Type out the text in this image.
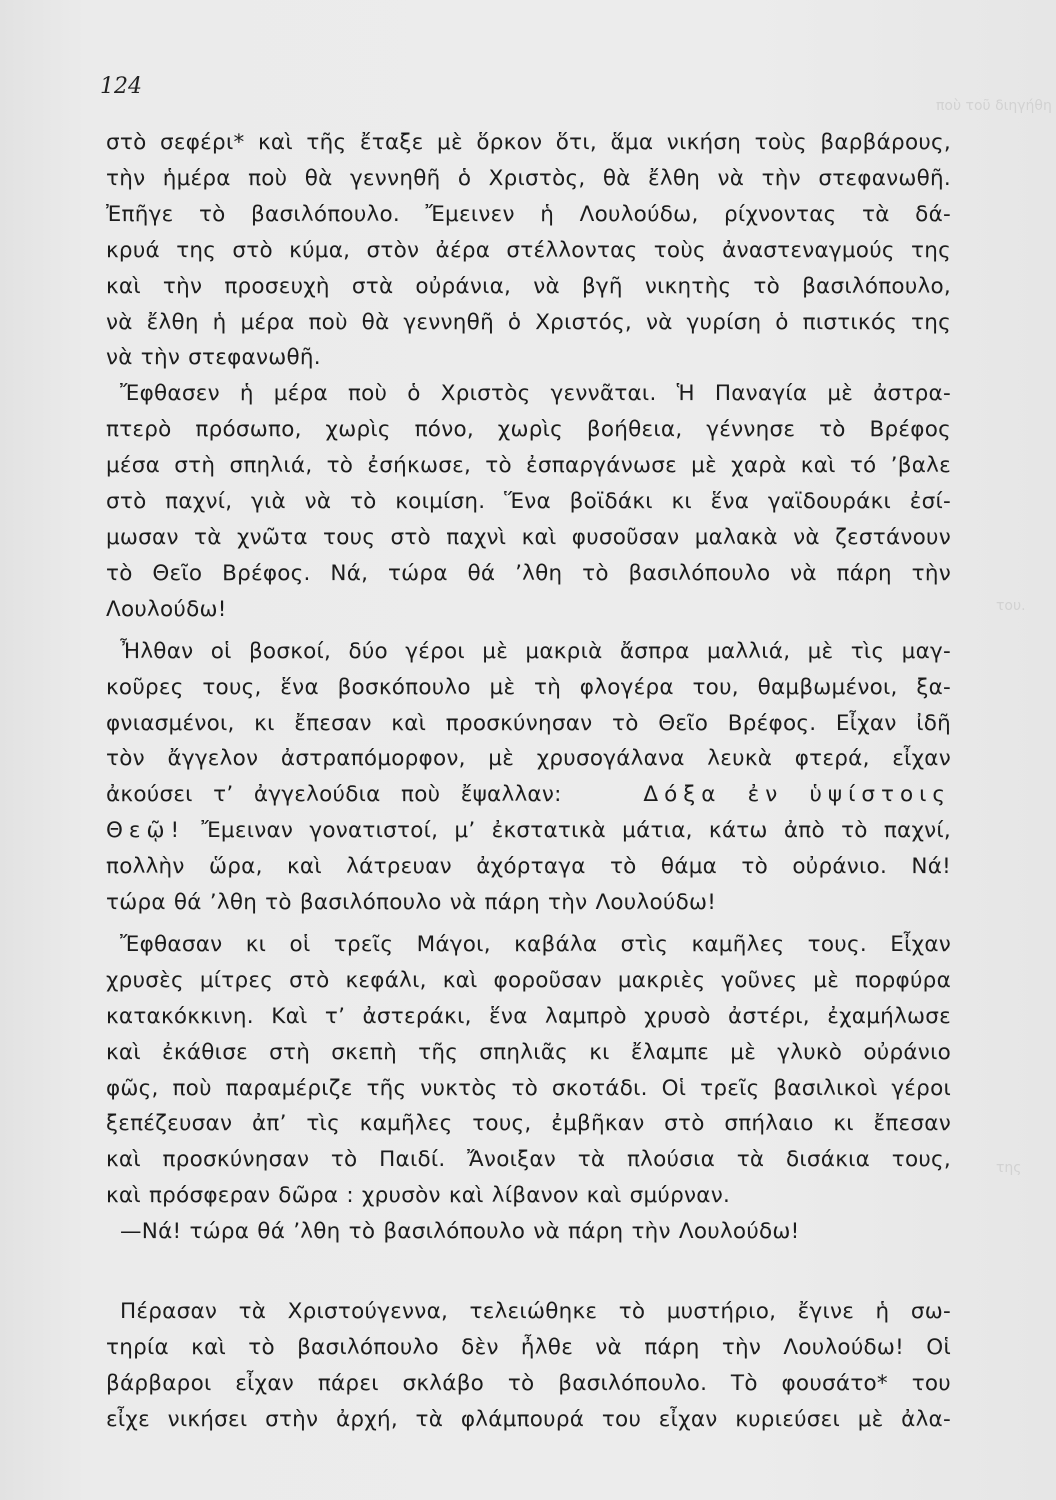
ποὺ τοῦ διηγήθη
του.
της
124
στὸ σεφέρι* καὶ τῆς ἔταξε μὲ ὅρκον ὅτι, ἅμα νικήση τοὺς βαρβάρους,
τὴν ἡμέρα ποὺ θὰ γεννηθῆ ὁ Χριστὸς, θὰ ἔλθη νὰ τὴν στεφανωθῆ.
Ἐπῆγε τὸ βασιλόπουλο. Ἔμεινεν ἡ Λουλούδω, ρίχνοντας τὰ δά-
κρυά της στὸ κύμα, στὸν ἀέρα στέλλοντας τοὺς ἀναστεναγμούς της
καὶ τὴν προσευχὴ στὰ οὐράνια, νὰ βγῆ νικητὴς τὸ βασιλόπουλο,
νὰ ἔλθη ἡ μέρα ποὺ θὰ γεννηθῆ ὁ Χριστός, νὰ γυρίση ὁ πιστικός της
νὰ τὴν στεφανωθῆ.
Ἔφθασεν ἡ μέρα ποὺ ὁ Χριστὸς γεννᾶται. Ἡ Παναγία μὲ ἀστρα-
πτερὸ πρόσωπο, χωρὶς πόνο, χωρὶς βοήθεια, γέννησε τὸ Βρέφος
μέσα στὴ σπηλιά, τὸ ἐσήκωσε, τὸ ἐσπαργάνωσε μὲ χαρὰ καὶ τό ’βαλε
στὸ παχνί, γιὰ νὰ τὸ κοιμίση. Ἕνα βοϊδάκι κι ἕνα γαϊδουράκι ἐσί-
μωσαν τὰ χνῶτα τους στὸ παχνὶ καὶ φυσοῦσαν μαλακὰ νὰ ζεστάνουν
τὸ Θεῖο Βρέφος. Νά, τώρα θά ’λθη τὸ βασιλόπουλο νὰ πάρη τὴν
Λουλούδω!
Ἦλθαν οἱ βοσκοί, δύο γέροι μὲ μακριὰ ἄσπρα μαλλιά, μὲ τὶς μαγ-
κοῦρες τους, ἕνα βοσκόπουλο μὲ τὴ φλογέρα του, θαμβωμένοι, ξα-
φνιασμένοι, κι ἔπεσαν καὶ προσκύνησαν τὸ Θεῖο Βρέφος. Εἶχαν ἰδῆ
τὸν ἄγγελον ἀστραπόμορφον, μὲ χρυσογάλανα λευκὰ φτερά, εἶχαν
ἀκούσει τ’ ἀγγελούδια ποὺ ἔψαλλαν:	Δόξα ἐν ὑψίστοις
Θεῷ! Ἔμειναν γονατιστοί, μ’ ἐκστατικὰ μάτια, κάτω ἀπὸ τὸ παχνί,
πολλὴν ὥρα, καὶ λάτρευαν ἀχόρταγα τὸ θάμα τὸ οὐράνιο. Νά!
τώρα θά ’λθη τὸ βασιλόπουλο νὰ πάρη τὴν Λουλούδω!
Ἔφθασαν κι οἱ τρεῖς Μάγοι, καβάλα στὶς καμῆλες τους. Εἶχαν
χρυσὲς μίτρες στὸ κεφάλι, καὶ φοροῦσαν μακριὲς γοῦνες μὲ πορφύρα
κατακόκκινη. Καὶ τ’ ἀστεράκι, ἕνα λαμπρὸ χρυσὸ ἀστέρι, ἐχαμήλωσε
καὶ ἐκάθισε στὴ σκεπὴ τῆς σπηλιᾶς κι ἔλαμπε μὲ γλυκὸ οὐράνιο
φῶς, ποὺ παραμέριζε τῆς νυκτὸς τὸ σκοτάδι. Οἱ τρεῖς βασιλικοὶ γέροι
ξεπέζευσαν ἀπ’ τὶς καμῆλες τους, ἐμβῆκαν στὸ σπήλαιο κι ἔπεσαν
καὶ προσκύνησαν τὸ Παιδί. Ἄνοιξαν τὰ πλούσια τὰ δισάκια τους,
καὶ πρόσφεραν δῶρα : χρυσὸν καὶ λίβανον καὶ σμύρναν.
—Νά! τώρα θά ’λθη τὸ βασιλόπουλο νὰ πάρη τὴν Λουλούδω!
Πέρασαν τὰ Χριστούγεννα, τελειώθηκε τὸ μυστήριο, ἔγινε ἡ σω-
τηρία καὶ τὸ βασιλόπουλο δὲν ἦλθε νὰ πάρη τὴν Λουλούδω! Οἱ
βάρβαροι εἶχαν πάρει σκλάβο τὸ βασιλόπουλο. Τὸ φουσάτο* του
εἶχε νικήσει στὴν ἀρχή, τὰ φλάμπουρά του εἶχαν κυριεύσει μὲ ἀλα-
